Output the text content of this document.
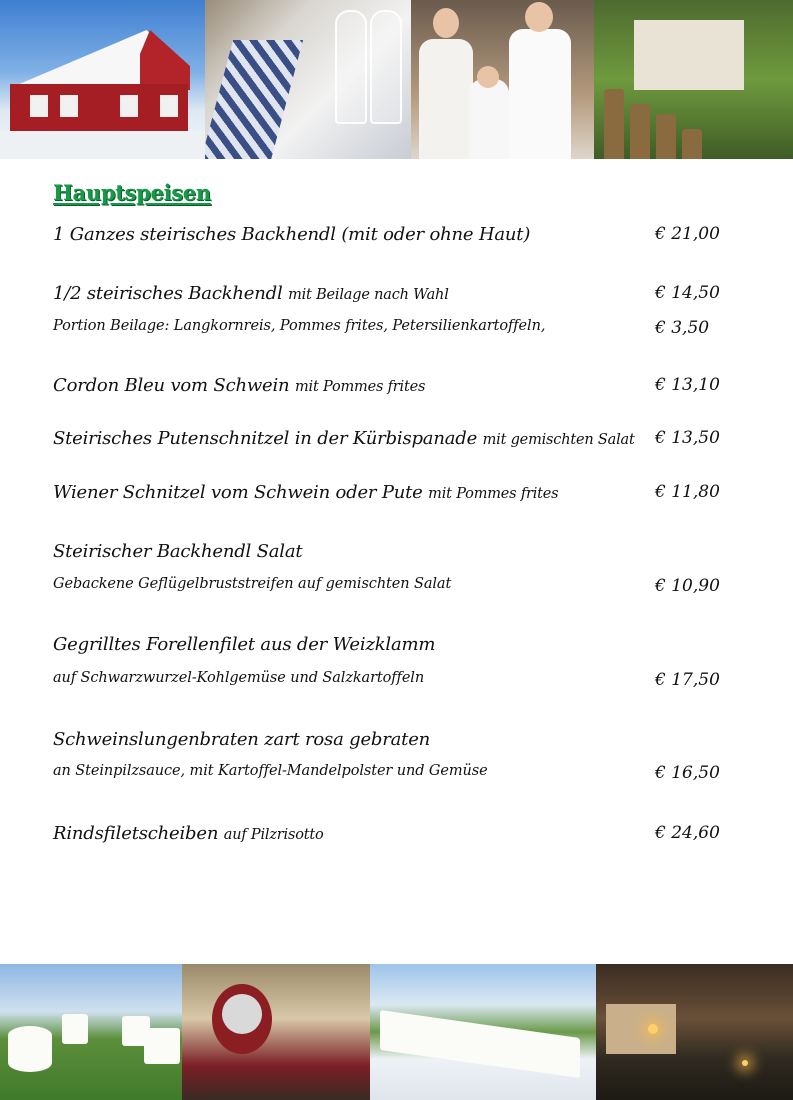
Hauptspeisen
1 Ganzes steirisches Backhendl (mit oder ohne Haut)	€ 21,00
1/2 steirisches Backhendl mit Beilage nach Wahl	€ 14,50
Portion Beilage: Langkornreis, Pommes frites, Petersilienkartoffeln,	€ 3,50
Cordon Bleu vom Schwein mit Pommes frites	€ 13,10
Steirisches Putenschnitzel in der Kürbispanade mit gemischten Salat € 13,50
Wiener Schnitzel vom Schwein oder Pute mit Pommes frites	€ 11,80
Steirischer Backhendl Salat
Gebackene Geflügelbruststreifen auf gemischten Salat	€ 10,90
Gegrilltes Forellenfilet aus der Weizklamm
auf Schwarzwurzel-Kohlgemüse und Salzkartoffeln	€ 17,50
Schweinslungenbraten zart rosa gebraten
an Steinpilzsauce, mit Kartoffel-Mandelpolster und Gemüse	€ 16,50
Rindsfiletscheiben auf Pilzrisotto	€ 24,60
